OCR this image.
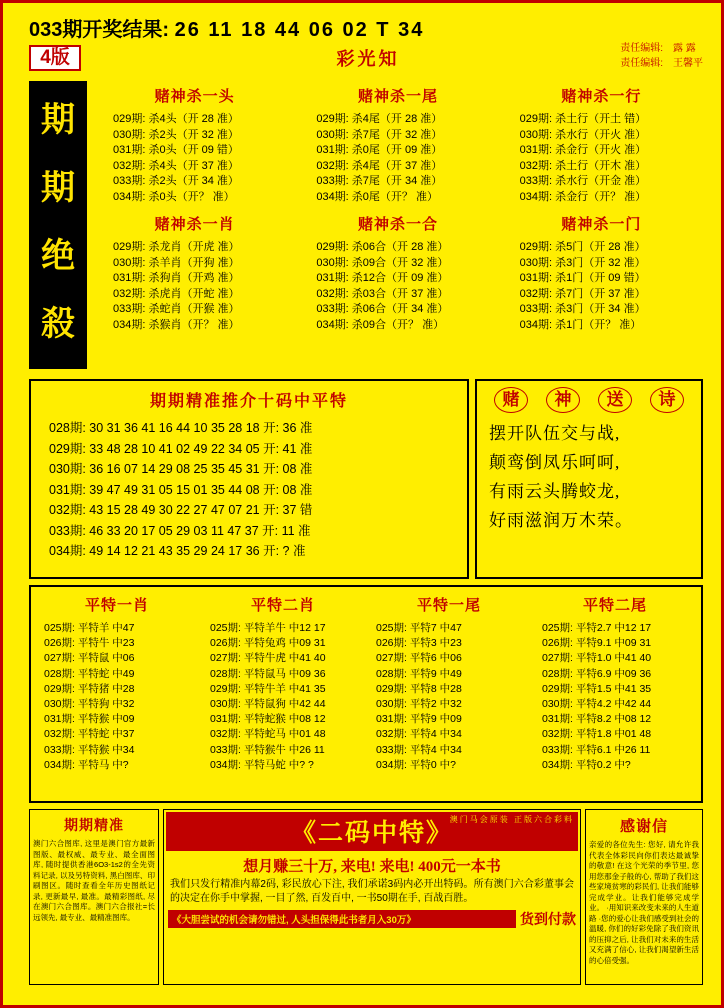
033期开奖结果: 26 11 18 44 06 02 T 34
4版	彩光知
责任编辑: 露 露
责任编辑: 王馨平
期
期
绝
殺
赌神杀一头
029期: 杀4头（开 28 准）
030期: 杀2头（开 32 准）
031期: 杀0头（开 09 错）
032期: 杀4头（开 37 准）
033期: 杀2头（开 34 准）
034期: 杀0头（开？ 准）
赌神杀一尾
029期: 杀4尾（开 28 准）
030期: 杀7尾（开 32 准）
031期: 杀0尾（开 09 准）
032期: 杀4尾（开 37 准）
033期: 杀7尾（开 34 准）
034期: 杀0尾（开？ 准）
赌神杀一行
029期: 杀土行（开土 错）
030期: 杀水行（开火 准）
031期: 杀金行（开火 准）
032期: 杀土行（开木 准）
033期: 杀水行（开金 准）
034期: 杀金行（开？ 准）
赌神杀一肖
029期: 杀龙肖（开虎 准）
030期: 杀羊肖（开狗 准）
031期: 杀狗肖（开鸡 准）
032期: 杀虎肖（开蛇 准）
033期: 杀蛇肖（开猴 准）
034期: 杀猴肖（开？ 准）
赌神杀一合
029期: 杀06合（开 28 准）
030期: 杀09合（开 32 准）
031期: 杀12合（开 09 准）
032期: 杀03合（开 37 准）
033期: 杀06合（开 34 准）
034期: 杀09合（开？ 准）
赌神杀一门
029期: 杀5门（开 28 准）
030期: 杀3门（开 32 准）
031期: 杀1门（开 09 错）
032期: 杀7门（开 37 准）
033期: 杀3门（开 34 准）
034期: 杀1门（开？ 准）
期期精准推介十码中平特
028期: 30 31 36 41 16 44 10 35 28 18 开: 36 准
029期: 33 48 28 10 41 02 49 22 34 05 开: 41 准
030期: 36 16 07 14 29 08 25 35 45 31 开: 08 准
031期: 39 47 49 31 05 15 01 35 44 08 开: 08 准
032期: 43 15 28 49 30 22 27 47 07 21 开: 37 错
033期: 46 33 20 17 05 29 03 11 47 37 开: 11 准
034期: 49 14 12 21 43 35 29 24 17 36 开: ? 准
赌	神	送	诗
摆开队伍交与战,
颠鸾倒凤乐呵呵,
有雨云头腾蛟龙,
好雨滋润万木荣。
平特一肖
025期: 平特羊 中47
026期: 平特牛 中23
027期: 平特鼠 中06
028期: 平特蛇 中49
029期: 平特猪 中28
030期: 平特狗 中32
031期: 平特猴 中09
032期: 平特蛇 中37
033期: 平特猴 中34
034期: 平特马 中?
平特二肖
025期: 平特羊牛 中12 17
026期: 平特兔鸡 中09 31
027期: 平特牛虎 中41 40
028期: 平特鼠马 中09 36
029期: 平特牛羊 中41 35
030期: 平特鼠狗 中42 44
031期: 平特蛇猴 中08 12
032期: 平特蛇马 中01 48
033期: 平特猴牛 中26 11
034期: 平特马蛇 中? ?
平特一尾
025期: 平特7 中47
026期: 平特3 中23
027期: 平特6 中06
028期: 平特9 中49
029期: 平特8 中28
030期: 平特2 中32
031期: 平特9 中09
032期: 平特4 中34
033期: 平特4 中34
034期: 平特0 中?
平特二尾
025期: 平特2.7 中12 17
026期: 平特9.1 中09 31
027期: 平特1.0 中41 40
028期: 平特6.9 中09 36
029期: 平特1.5 中41 35
030期: 平特4.2 中42 44
031期: 平特8.2 中08 12
032期: 平特1.8 中01 48
033期: 平特6.1 中26 11
034期: 平特0.2 中?
期期精准

澳门六合图库, 这里是澳门官方最新图版、最权威、最专业、最全面图库, 随时提供香港6O3-1s2的全先资料记录, 以及另特资料, 黑白图库、印刷图区。随时查看全年历史图纸记录, 更新最早, 最准。最精彩图纸, 尽在澳门六合图库。澳门六合报社=长远领先, 最专业、最精准图库。

《二码中特》
澳门马会原装 正版六合彩料
想月赚三十万, 来电! 来电! 400元一本书
我们只发行精准内幕2码, 彩民放心下注, 我们承诺3码内必开出特码。所有澳门六合彩董事会的决定在你手中掌握, 一目了然, 百发百中, 一书50期在手, 百战百胜。
《大胆尝试的机会请勿错过, 人头担保得此书者月入30万》	货到付款
感谢信

亲爱的各位先生: 您好, 请允许我代表全体彩民向你们表达最诚挚的敬意! 在这个光荣的季节里, 您用您那金子般的心, 帮助了我们这些家境贫寒的彩民们, 让我们能够完成学业。让我们能够完成学业。 ·用知识来改变未来的人生道路 ·您的爱心让我们感受到社会的温暖, 你们的好彩免除了我们资讯的压抑之后, 让我们对未来的生活又充满了信心, 让我们渴望新生活的心倍受强。
